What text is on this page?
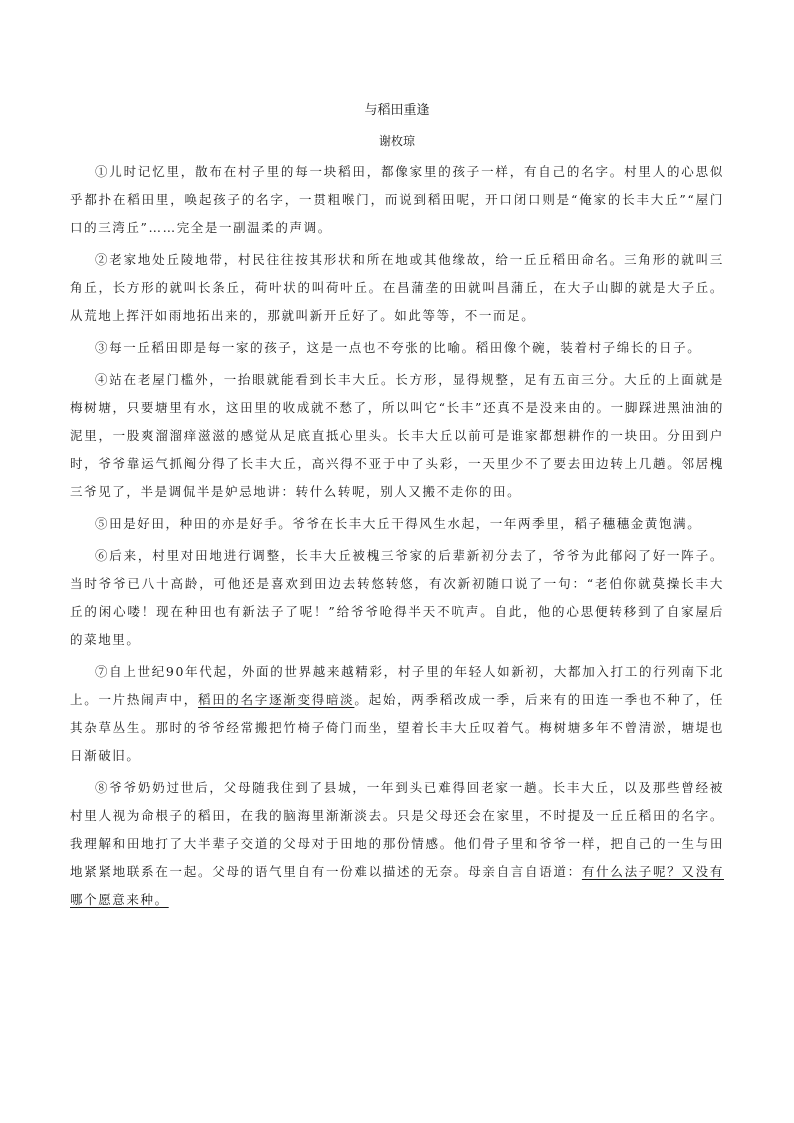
与稻田重逢
谢枚琼

①儿时记忆里，散布在村子里的每一块稻田，都像家里的孩子一样，有自己的名字。村里人的心思似乎都扑在稻田里，唤起孩子的名字，一贯粗喉门，而说到稻田呢，开口闭口则是“俺家的长丰大丘”“屋门口的三湾丘”……完全是一副温柔的声调。

②老家地处丘陵地带，村民往往按其形状和所在地或其他缘故，给一丘丘稻田命名。三角形的就叫三角丘，长方形的就叫长条丘，荷叶状的叫荷叶丘。在昌蒲垄的田就叫昌蒲丘，在大子山脚的就是大子丘。从荒地上挥汗如雨地拓出来的，那就叫新开丘好了。如此等等，不一而足。

③每一丘稻田即是每一家的孩子，这是一点也不夸张的比喻。稻田像个碗，装着村子绵长的日子。

④站在老屋门槛外，一抬眼就能看到长丰大丘。长方形，显得规整，足有五亩三分。大丘的上面就是梅树塘，只要塘里有水，这田里的收成就不愁了，所以叫它“长丰”还真不是没来由的。一脚踩进黑油油的泥里，一股爽溜溜痒滋滋的感觉从足底直抵心里头。长丰大丘以前可是谁家都想耕作的一块田。分田到户时，爷爷靠运气抓阄分得了长丰大丘，高兴得不亚于中了头彩，一天里少不了要去田边转上几趟。邻居槐三爷见了，半是调侃半是妒忌地讲：转什么转呢，别人又搬不走你的田。

⑤田是好田，种田的亦是好手。爷爷在长丰大丘干得风生水起，一年两季里，稻子穗穗金黄饱满。

⑥后来，村里对田地进行调整，长丰大丘被槐三爷家的后辈新初分去了，爷爷为此郁闷了好一阵子。当时爷爷已八十高龄，可他还是喜欢到田边去转悠转悠，有次新初随口说了一句：“老伯你就莫操长丰大丘的闲心喽！现在种田也有新法子了呢！”给爷爷呛得半天不吭声。自此，他的心思便转移到了自家屋后的菜地里。

⑦自上世纪90年代起，外面的世界越来越精彩，村子里的年轻人如新初，大都加入打工的行列南下北上。一片热闹声中，稻田的名字逐渐变得暗淡。起始，两季稻改成一季，后来有的田连一季也不种了，任其杂草丛生。那时的爷爷经常搬把竹椅子倚门而坐，望着长丰大丘叹着气。梅树塘多年不曾清淤，塘堤也日渐破旧。

⑧爷爷奶奶过世后，父母随我住到了县城，一年到头已难得回老家一趟。长丰大丘，以及那些曾经被村里人视为命根子的稻田，在我的脑海里渐渐淡去。只是父母还会在家里，不时提及一丘丘稻田的名字。我理解和田地打了大半辈子交道的父母对于田地的那份情感。他们骨子里和爷爷一样，把自己的一生与田地紧紧地联系在一起。父母的语气里自有一份难以描述的无奈。母亲自言自语道：有什么法子呢？又没有哪个愿意来种。
